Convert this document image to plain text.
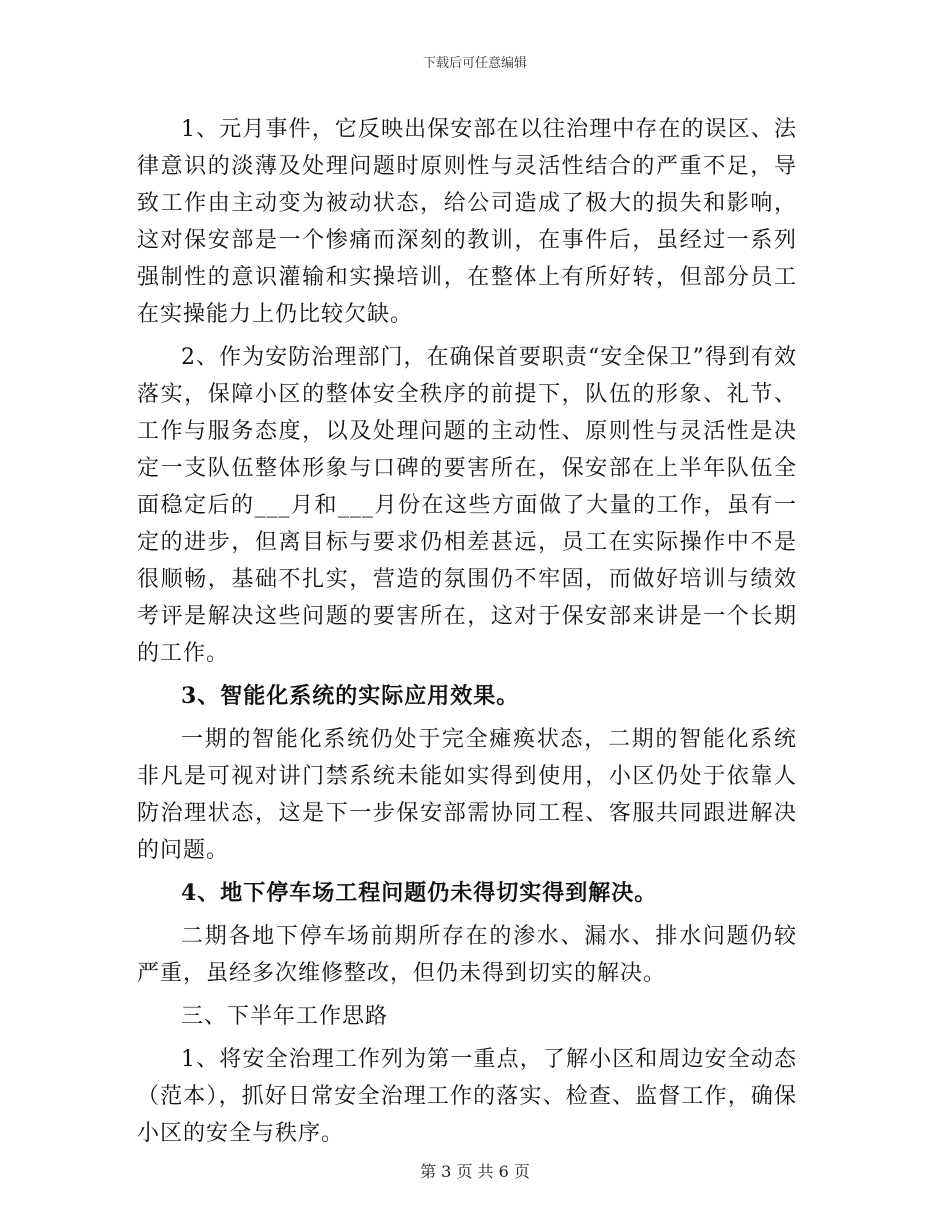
下载后可任意编辑

1、元月事件，它反映出保安部在以往治理中存在的误区、法律意识的淡薄及处理问题时原则性与灵活性结合的严重不足，导致工作由主动变为被动状态，给公司造成了极大的损失和影响，这对保安部是一个惨痛而深刻的教训，在事件后，虽经过一系列强制性的意识灌输和实操培训，在整体上有所好转，但部分员工在实操能力上仍比较欠缺。

2、作为安防治理部门，在确保首要职责“安全保卫”得到有效落实，保障小区的整体安全秩序的前提下，队伍的形象、礼节、工作与服务态度，以及处理问题的主动性、原则性与灵活性是决定一支队伍整体形象与口碑的要害所在，保安部在上半年队伍全面稳定后的___月和___月份在这些方面做了大量的工作，虽有一定的进步，但离目标与要求仍相差甚远，员工在实际操作中不是很顺畅，基础不扎实，营造的氛围仍不牢固，而做好培训与绩效考评是解决这些问题的要害所在，这对于保安部来讲是一个长期的工作。

3、智能化系统的实际应用效果。

一期的智能化系统仍处于完全瘫痪状态，二期的智能化系统非凡是可视对讲门禁系统未能如实得到使用，小区仍处于依靠人防治理状态，这是下一步保安部需协同工程、客服共同跟进解决的问题。

4、地下停车场工程问题仍未得切实得到解决。

二期各地下停车场前期所存在的渗水、漏水、排水问题仍较严重，虽经多次维修整改，但仍未得到切实的解决。

三、下半年工作思路

1、将安全治理工作列为第一重点，了解小区和周边安全动态（范本），抓好日常安全治理工作的落实、检查、监督工作，确保小区的安全与秩序。

第 3 页 共 6 页
